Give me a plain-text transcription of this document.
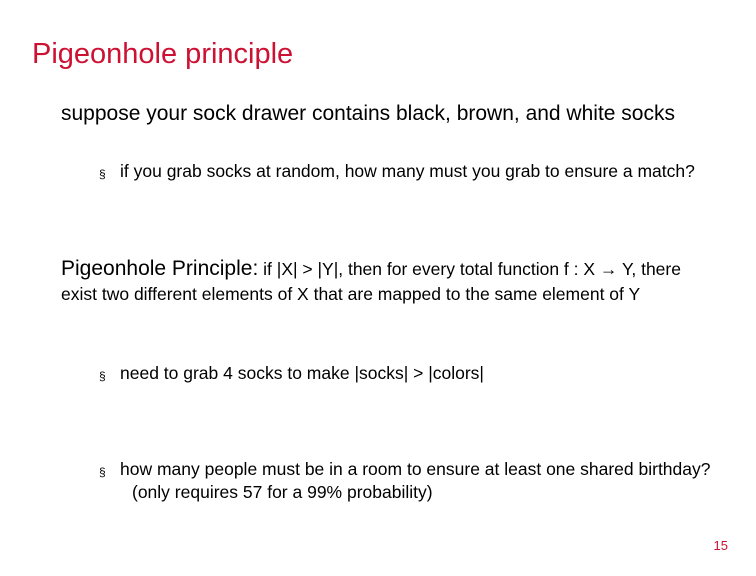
Pigeonhole principle
suppose your sock drawer contains black, brown, and white socks
§ if you grab socks at random, how many must you grab to ensure a match?
Pigeonhole Principle: if |X| > |Y|, then for every total function f : X → Y, there exist two different elements of X that are mapped to the same element of Y
§ need to grab 4 socks to make |socks| > |colors|
§ how many people must be in a room to ensure at least one shared birthday?
(only requires 57 for a 99% probability)
15
